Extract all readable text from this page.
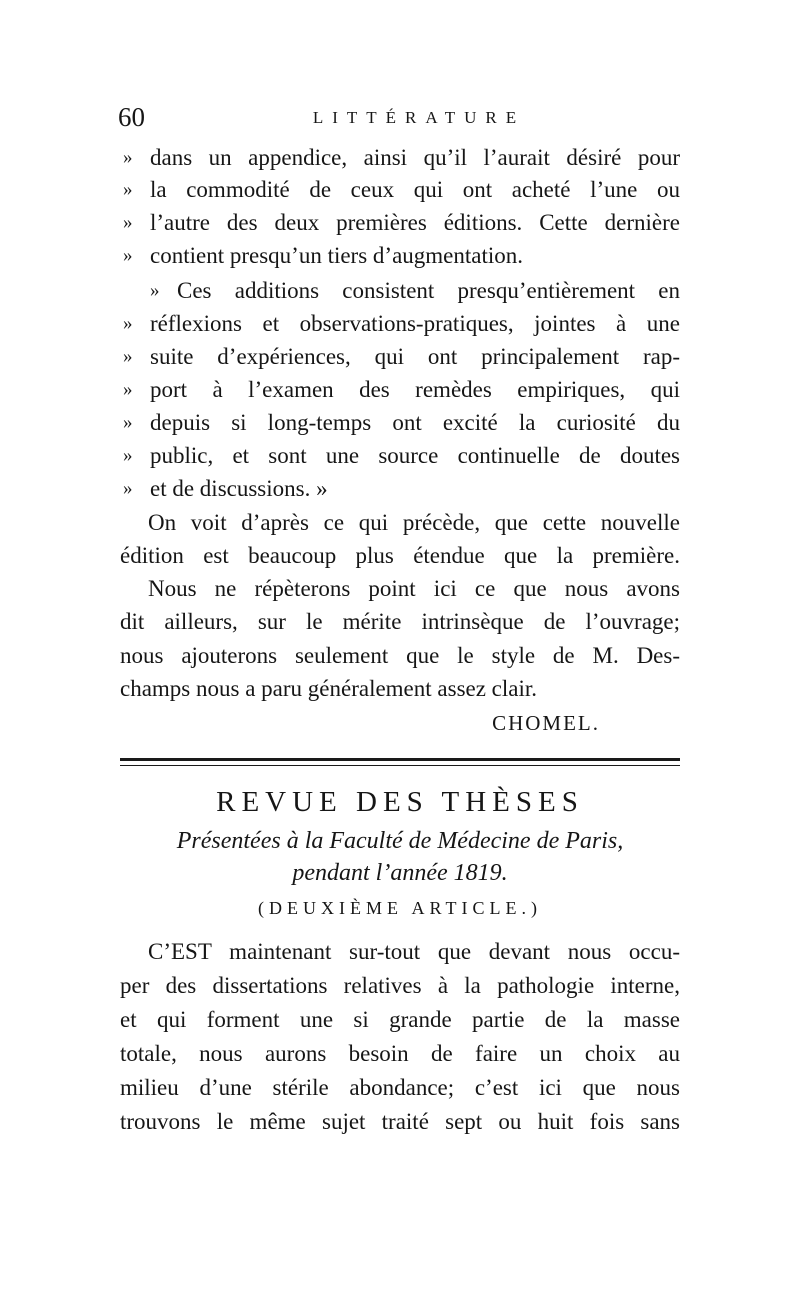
60	LITTÉRATURE
» dans un appendice, ainsi qu’il l’aurait désiré pour
» la commodité de ceux qui ont acheté l’une ou
» l’autre des deux premières éditions. Cette dernière
» contient presqu’un tiers d’augmentation.
» Ces additions consistent presqu’entièrement en
» réflexions et observations-pratiques, jointes à une
» suite d’expériences, qui ont principalement rap-
» port à l’examen des remèdes empiriques, qui
» depuis si long-temps ont excité la curiosité du
» public, et sont une source continuelle de doutes
» et de discussions. »
On voit d’après ce qui précède, que cette nouvelle
édition est beaucoup plus étendue que la première.
Nous ne répèterons point ici ce que nous avons
dit ailleurs, sur le mérite intrinsèque de l’ouvrage;
nous ajouterons seulement que le style de M. Des-
champs nous a paru généralement assez clair.
CHOMEL.
REVUE DES THÈSES
Présentées à la Faculté de Médecine de Paris,
pendant l’année 1819.
(DEUXIÈME ARTICLE.)
C’EST maintenant sur-tout que devant nous occu-
per des dissertations relatives à la pathologie interne,
et qui forment une si grande partie de la masse
totale, nous aurons besoin de faire un choix au
milieu d’une stérile abondance; c’est ici que nous
trouvons le même sujet traité sept ou huit fois sans
